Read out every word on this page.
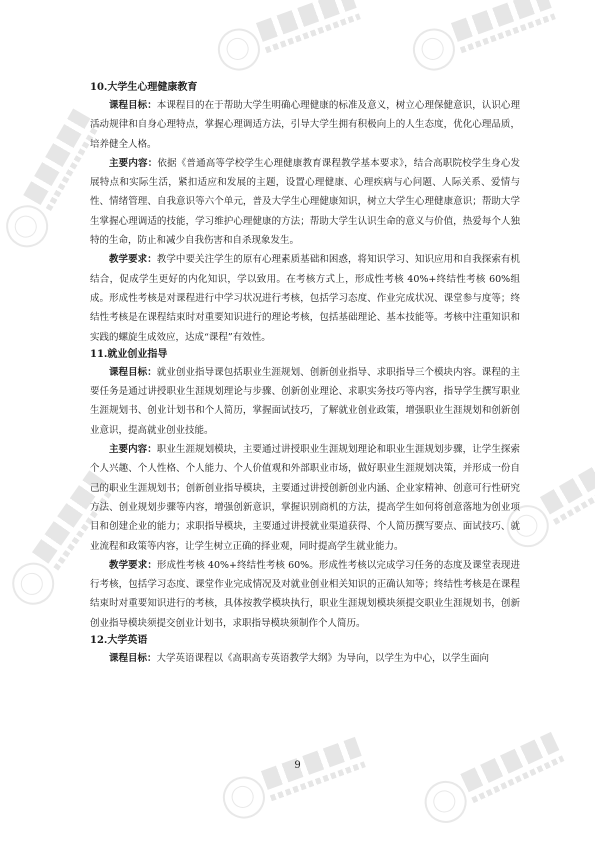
10.大学生心理健康教育

课程目标：本课程目的在于帮助大学生明确心理健康的标准及意义，树立心理保健意识，认识心理活动规律和自身心理特点，掌握心理调适方法，引导大学生拥有积极向上的人生态度，优化心理品质，培养健全人格。

主要内容：依据《普通高等学校学生心理健康教育课程教学基本要求》，结合高职院校学生身心发展特点和实际生活，紧扣适应和发展的主题，设置心理健康、心理疾病与心问题、人际关系、爱情与性、情绪管理、自我意识等六个单元，普及大学生心理健康知识，树立大学生心理健康意识；帮助大学生掌握心理调适的技能，学习维护心理健康的方法；帮助大学生认识生命的意义与价值，热爱每个人独特的生命，防止和减少自我伤害和自杀现象发生。

教学要求：教学中要关注学生的原有心理素质基础和困惑，将知识学习、知识应用和自我探索有机结合，促成学生更好的内化知识，学以致用。在考核方式上，形成性考核 40%+终结性考核 60%组成。形成性考核是对课程进行中学习状况进行考核，包括学习态度、作业完成状况、课堂参与度等；终结性考核是在课程结束时对重要知识进行的理论考核，包括基础理论、基本技能等。考核中注重知识和实践的螺旋生成效应，达成“课程”有效性。

11.就业创业指导

课程目标：就业创业指导课包括职业生涯规划、创新创业指导、求职指导三个模块内容。课程的主要任务是通过讲授职业生涯规划理论与步骤、创新创业理论、求职实务技巧等内容，指导学生撰写职业生涯规划书、创业计划书和个人简历，掌握面试技巧，了解就业创业政策，增强职业生涯规划和创新创业意识，提高就业创业技能。

主要内容：职业生涯规划模块，主要通过讲授职业生涯规划理论和职业生涯规划步骤，让学生探索个人兴趣、个人性格、个人能力、个人价值观和外部职业市场，做好职业生涯规划决策，并形成一份自己的职业生涯规划书；创新创业指导模块，主要通过讲授创新创业内涵、企业家精神、创意可行性研究方法、创业规划步骤等内容，增强创新意识，掌握识别商机的方法，提高学生如何将创意落地为创业项目和创建企业的能力；求职指导模块，主要通过讲授就业渠道获得、个人简历撰写要点、面试技巧、就业流程和政策等内容，让学生树立正确的择业观，同时提高学生就业能力。

教学要求：形成性考核 40%+终结性考核 60%。形成性考核以完成学习任务的态度及课堂表现进行考核，包括学习态度、课堂作业完成情况及对就业创业相关知识的正确认知等；终结性考核是在课程结束时对重要知识进行的考核，具体按教学模块执行，职业生涯规划模块须提交职业生涯规划书，创新创业指导模块须提交创业计划书，求职指导模块须制作个人简历。

12.大学英语

课程目标：大学英语课程以《高职高专英语教学大纲》为导向，以学生为中心，以学生面向

9
